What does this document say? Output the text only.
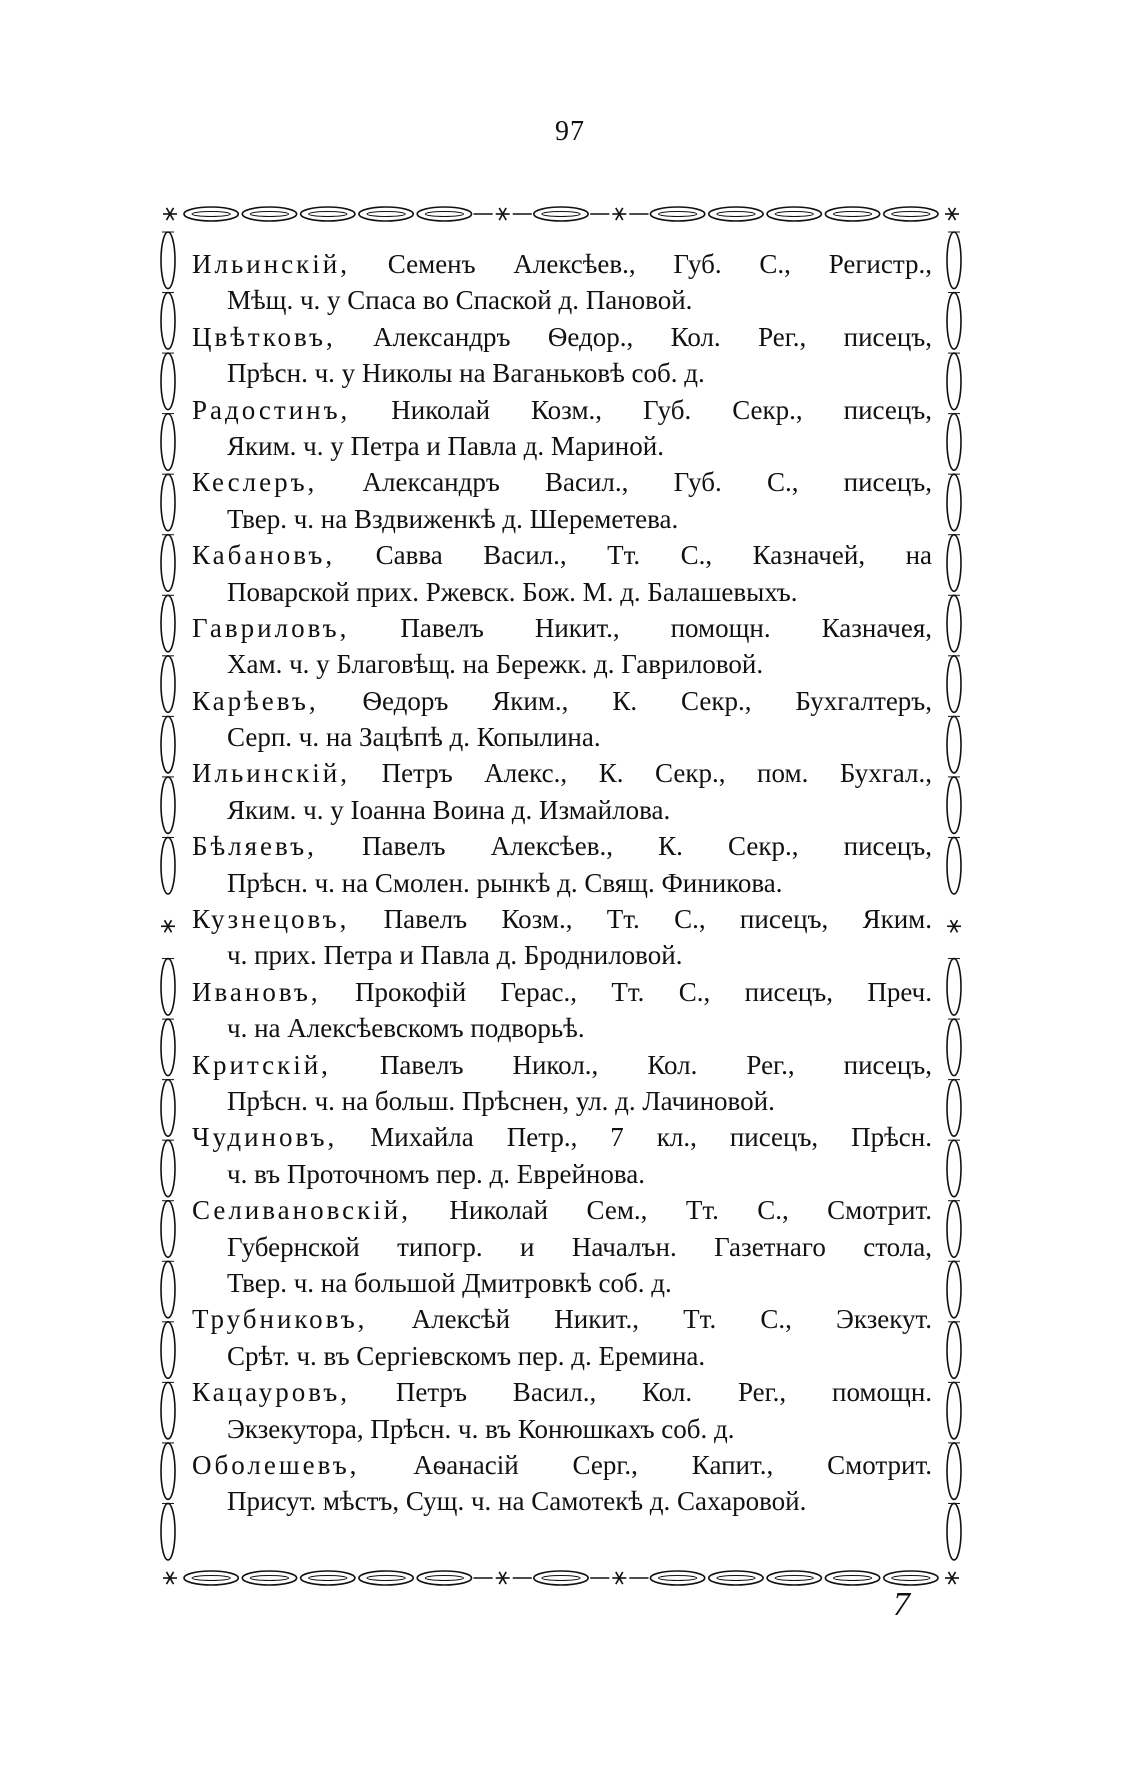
97
Ильинскій, Семенъ Алексѣев., Губ. С., Регистр.,
Мѣщ. ч. у Спаса во Спаской д. Пановой.
Цвѣтковъ, Александръ Ѳедор., Кол. Рег., писецъ,
Прѣсн. ч. у Николы на Ваганьковѣ соб. д.
Радостинъ, Николай Козм., Губ. Секр., писецъ,
Яким. ч. у Петра и Павла д. Мариной.
Кеслеръ, Александръ Васил., Губ. С., писецъ,
Твер. ч. на Вздвиженкѣ д. Шереметева.
Кабановъ, Савва Васил., Тт. С., Казначей, на
Поварской прих. Ржевск. Бож. М. д. Балашевыхъ.
Гавриловъ, Павелъ Никит., помощн. Казначея,
Хам. ч. у Благовѣщ. на Бережк. д. Гавриловой.
Карѣевъ, Ѳедоръ Яким., К. Секр., Бухгалтеръ,
Серп. ч. на Зацѣпѣ д. Копылина.
Ильинскій, Петръ Алекс., К. Секр., пом. Бухгал.,
Яким. ч. у Іоанна Воина д. Измайлова.
Бѣляевъ, Павелъ Алексѣев., К. Секр., писецъ,
Прѣсн. ч. на Смолен. рынкѣ д. Свящ. Финикова.
Кузнецовъ, Павелъ Козм., Тт. С., писецъ, Яким.
ч. прих. Петра и Павла д. Бродниловой.
Ивановъ, Прокофій Герас., Тт. С., писецъ, Преч.
ч. на Алексѣевскомъ подворьѣ.
Критскій, Павелъ Никол., Кол. Рег., писецъ,
Прѣсн. ч. на больш. Прѣснен, ул. д. Лачиновой.
Чудиновъ, Михайла Петр., 7 кл., писецъ, Прѣсн.
ч. въ Проточномъ пер. д. Еврейнова.
Селивановскій, Николай Сем., Тт. С., Смотрит.
Губернской типогр. и Началън. Газетнаго стола,
Твер. ч. на большой Дмитровкѣ соб. д.
Трубниковъ, Алексѣй Никит., Тт. С., Экзекут.
Срѣт. ч. въ Сергіевскомъ пер. д. Еремина.
Кацауровъ, Петръ Васил., Кол. Рег., помощн.
Экзекутора, Прѣсн. ч. въ Конюшкахъ соб. д.
Оболешевъ, Аѳанасій Серг., Капит., Смотрит.
Присут. мѣстъ, Сущ. ч. на Самотекѣ д. Сахаровой.
7
